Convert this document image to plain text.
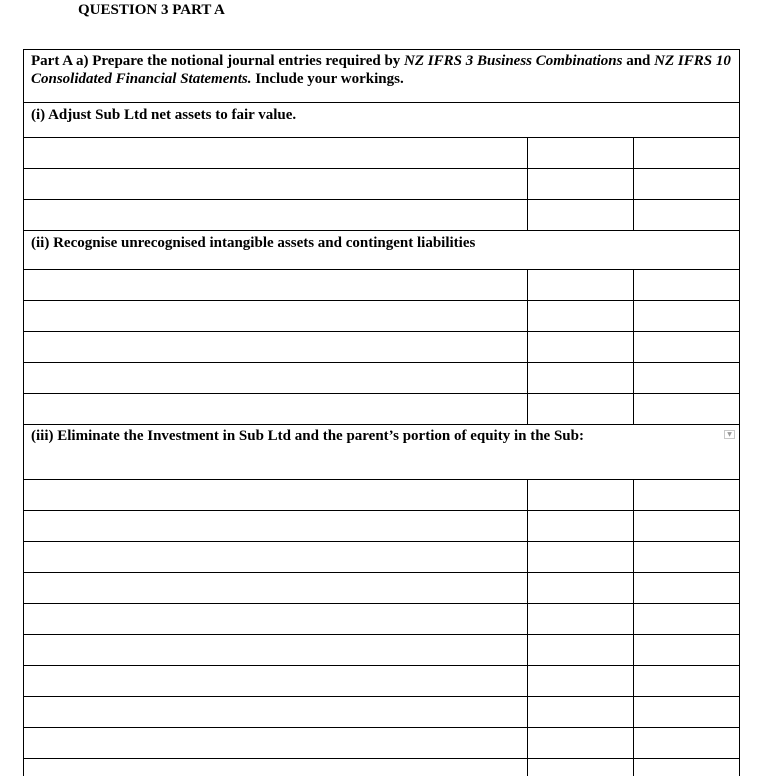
QUESTION 3 PART A
Part A a) Prepare the notional journal entries required by NZ IFRS 3 Business Combinations and NZ IFRS 10 Consolidated Financial Statements. Include your workings.
(i) Adjust Sub Ltd net assets to fair value.
(ii) Recognise unrecognised intangible assets and contingent liabilities
(iii) Eliminate the Investment in Sub Ltd and the parent’s portion of equity in the Sub:	▼
